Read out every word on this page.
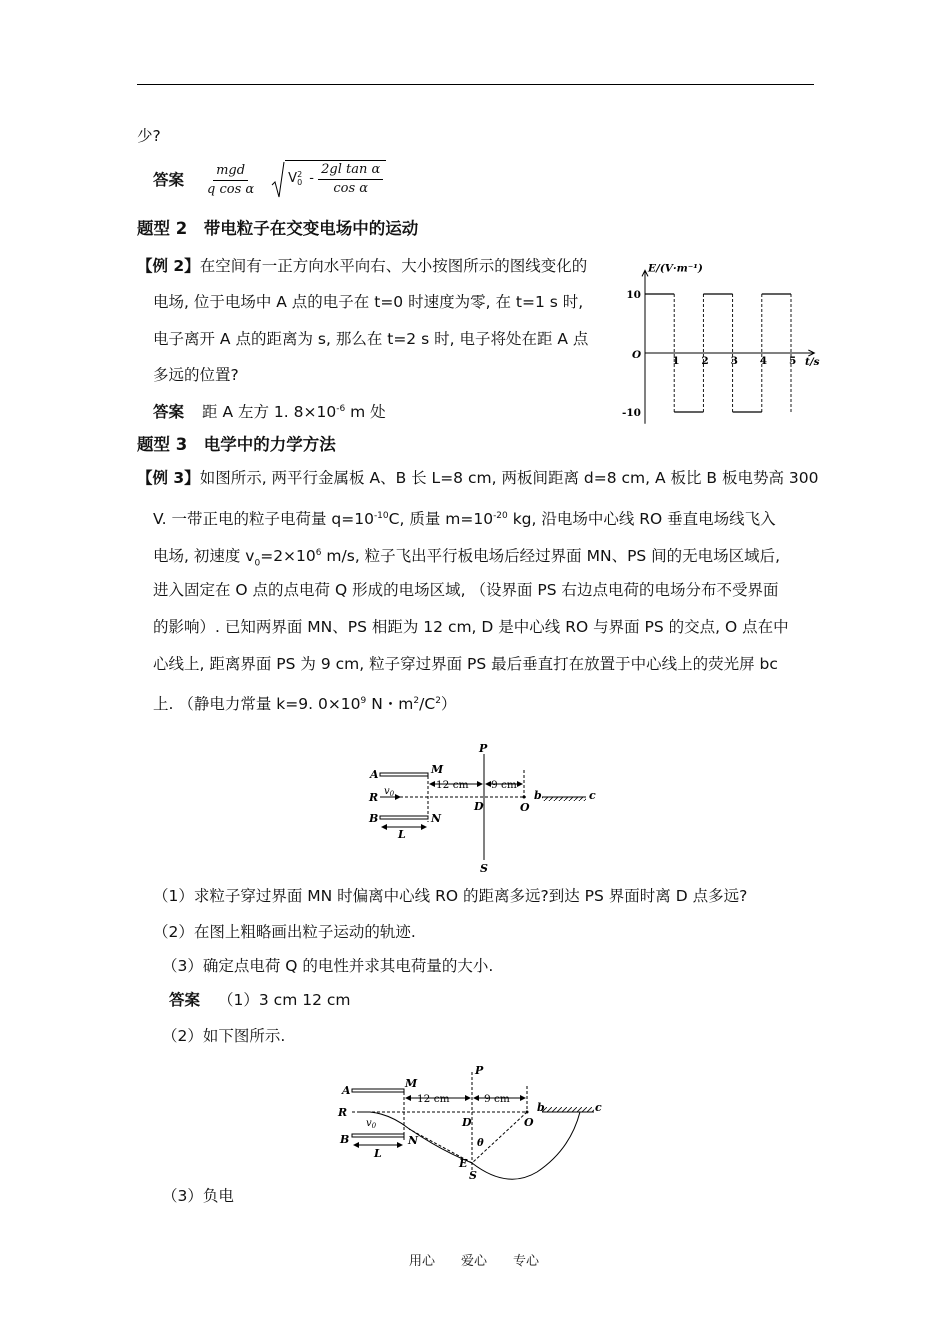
少?
答案 $\frac{\text{mgd}}{\text{q cos α}}$ V 2
$0 - \frac{\text{2gl tan α}}{\text{cos α}}$
题型 2　带电粒子在交变电场中的运动
【例 2】在空间有一正方向水平向右、大小按图所示的图线变化的
电场, 位于电场中 A 点的电子在 t=0 时速度为零, 在 t=1 s 时,
电子离开 A 点的距离为 s, 那么在 t=2 s 时, 电子将处在距 A 点
多远的位置?
答案 距 A 左方 1. $8\times 10^{-6}$ m 处
E/(V·m⁻¹)
t/s
O	1 2 3 4 5
10
-10
题型 3　电学中的力学方法
【例 3】如图所示, 两平行金属板 A、B 长 L=8 cm, 两板间距离 d=8 cm, A 板比 B 板电势高 300
V. 一带正电的粒子电荷量 $q=10^{-10}C$, 质量 $m=10^{-20}$ kg, 沿电场中心线 RO 垂直电场线飞入
电场, 初速度 $v_0=2\times 10^6$ m/s, 粒子飞出平行板电场后经过界面 MN、PS 间的无电场区域后,
进入固定在 O 点的点电荷 Q 形成的电场区域, （设界面 PS 右边点电荷的电场分布不受界面
的影响）. 已知两界面 MN、PS 相距为 12 cm, D 是中心线 RO 与界面 PS 的交点, O 点在中
心线上, 距离界面 PS 为 9 cm, 粒子穿过界面 PS 最后垂直打在放置于中心线上的荧光屏 bc
上. （静电力常量 k=9. $0\times 10^9$ N・$m^2/C^2$）
A	M
R $v_0$
B	N
L
P
S
D	O
b	c
12 cm 9 cm
（1）求粒子穿过界面 MN 时偏离中心线 RO 的距离多远?到达 PS 界面时离 D 点多远?
（2）在图上粗略画出粒子运动的轨迹.
（3）确定点电荷 Q 的电性并求其电荷量的大小.
答案 （1）3 cm 12 cm
（2）如下图所示.
A
M
R
$v_0$
B	N
L
P
D	O
θ
E
S
b	c
12 cm	9 cm
（3）负电
用心　　爱心　　专心
